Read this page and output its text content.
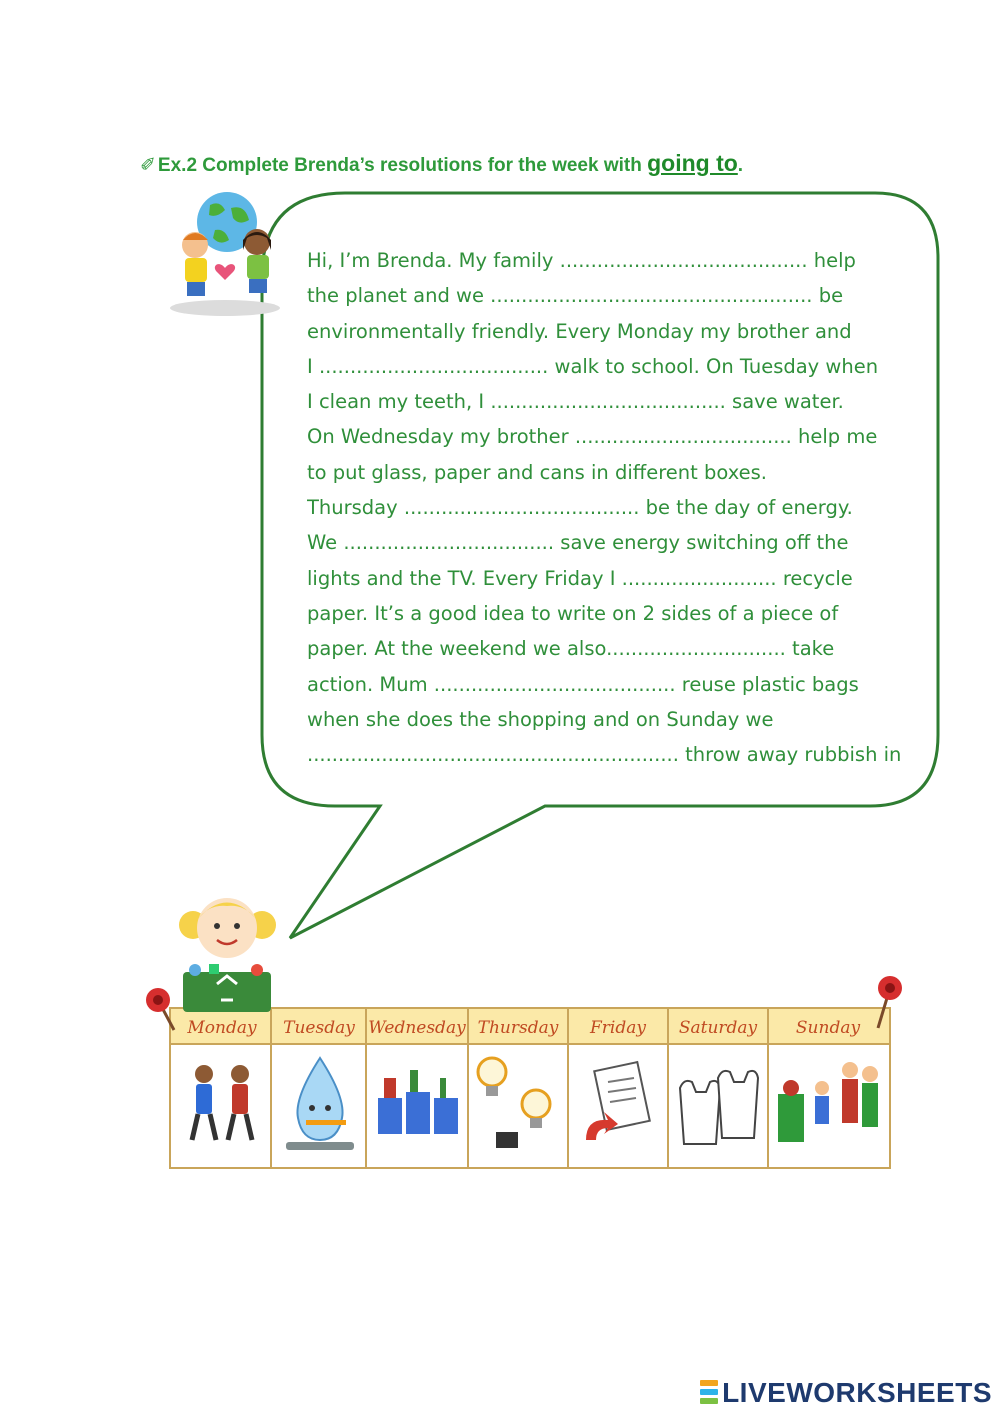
✐ Ex.2 Complete Brenda’s resolutions for the week with going to.
Hi, I’m Brenda. My family ........................................ help
the planet and we .................................................... be
environmentally friendly. Every Monday my brother and
I ..................................... walk to school. On Tuesday when
I clean my teeth, I ...................................... save water.
On Wednesday my brother ................................... help me
to put glass, paper and cans in different boxes.
Thursday ...................................... be the day of energy.
We .................................. save energy switching off the
lights and the TV. Every Friday I ......................... recycle
paper. It’s a good idea to write on 2 sides of a piece of
paper. At the weekend we also............................. take
action. Mum ....................................... reuse plastic bags
when she does the shopping and on Sunday we
............................................................ throw away rubbish in
Monday	Tuesday Wednesday Thursday	Friday	Saturday	Sunday
LIVEWORKSHEETS
